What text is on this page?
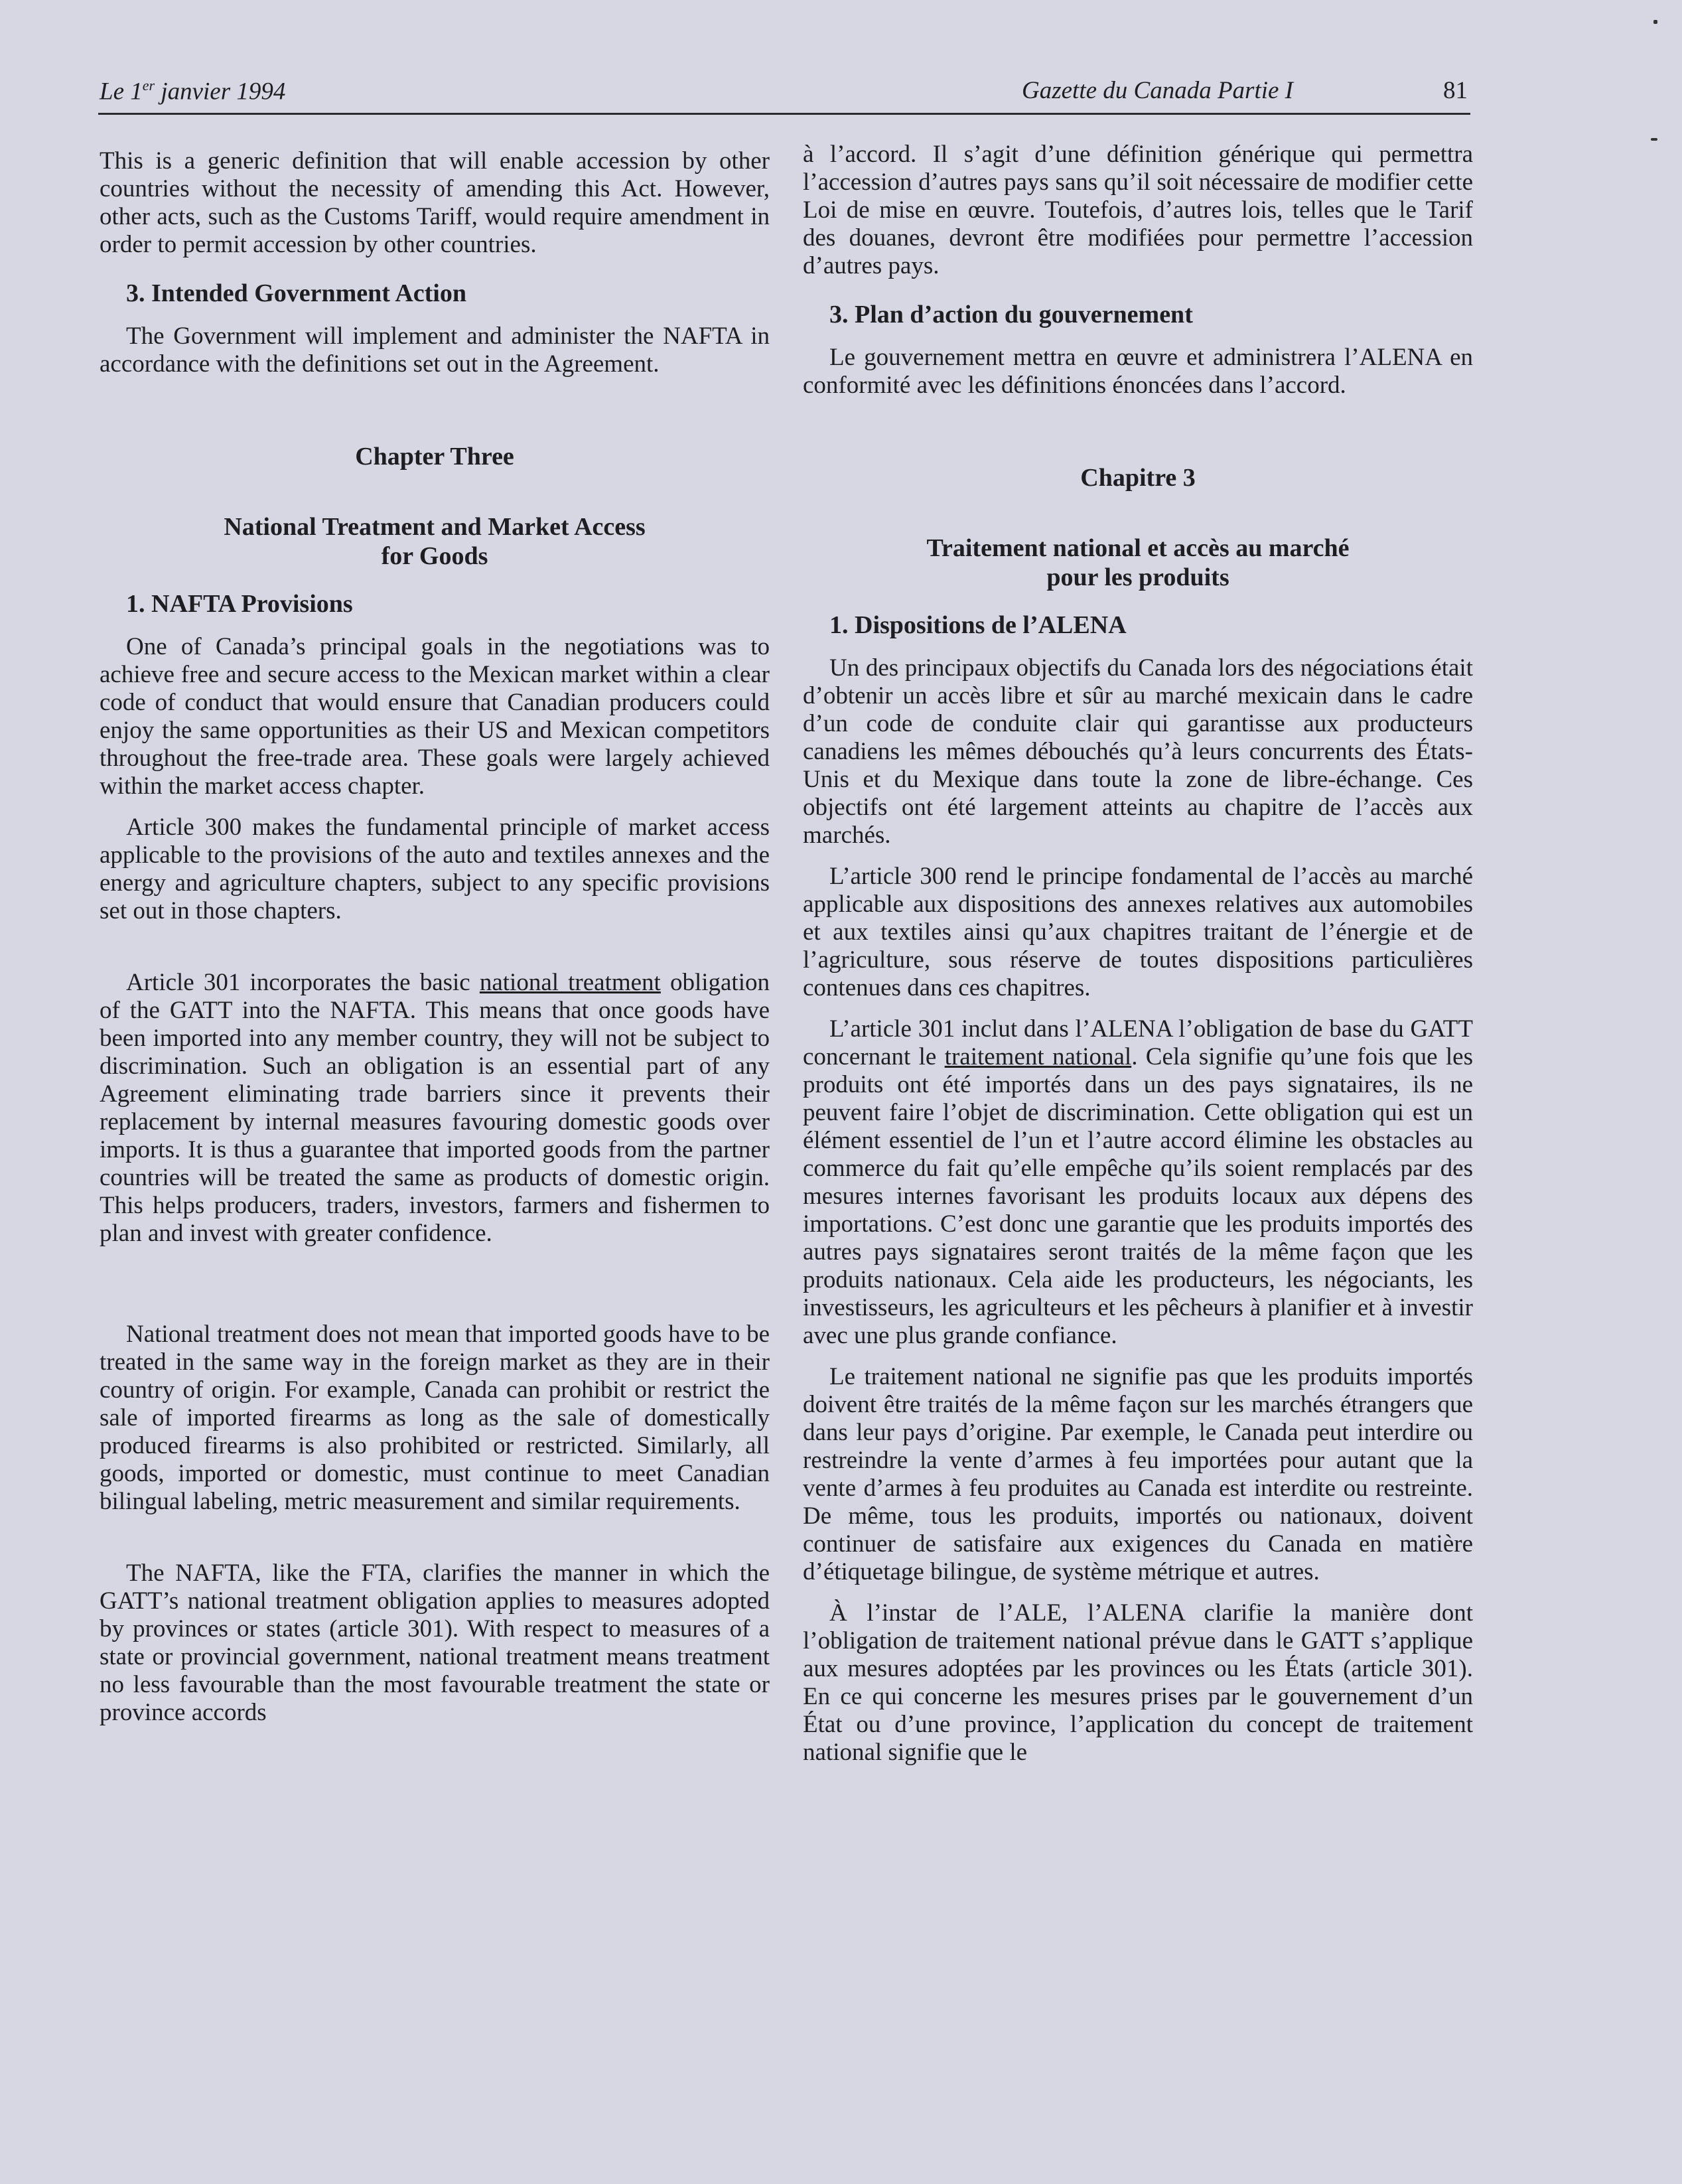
Le 1er janvier 1994	Gazette du Canada Partie I	81

This is a generic definition that will enable accession by other countries without the necessity of amending this Act. However, other acts, such as the Customs Tariff, would require amendment in order to permit accession by other countries.

3. Intended Government Action

The Government will implement and administer the NAFTA in accordance with the definitions set out in the Agreement.

Chapter Three
National Treatment and Market Access
for Goods
1. NAFTA Provisions

One of Canada’s principal goals in the negotiations was to achieve free and secure access to the Mexican market within a clear code of conduct that would ensure that Canadian producers could enjoy the same opportunities as their US and Mexican competitors throughout the free-trade area. These goals were largely achieved within the market access chapter.

Article 300 makes the fundamental principle of market access applicable to the provisions of the auto and textiles annexes and the energy and agriculture chapters, subject to any specific provisions set out in those chapters.

Article 301 incorporates the basic national treatment obligation of the GATT into the NAFTA. This means that once goods have been imported into any member country, they will not be subject to discrimination. Such an obligation is an essential part of any Agreement eliminating trade barriers since it prevents their replacement by internal measures favouring domestic goods over imports. It is thus a guarantee that imported goods from the partner countries will be treated the same as products of domestic origin. This helps producers, traders, investors, farmers and fishermen to plan and invest with greater confidence.

National treatment does not mean that imported goods have to be treated in the same way in the foreign market as they are in their country of origin. For example, Canada can prohibit or restrict the sale of imported firearms as long as the sale of domestically produced firearms is also prohibited or restricted. Similarly, all goods, imported or domestic, must continue to meet Canadian bilingual labeling, metric measurement and similar requirements.

The NAFTA, like the FTA, clarifies the manner in which the GATT’s national treatment obligation applies to measures adopted by provinces or states (article 301). With respect to measures of a state or provincial government, national treatment means treatment no less favourable than the most favourable treatment the state or province accords

à l’accord. Il s’agit d’une définition générique qui permettra l’accession d’autres pays sans qu’il soit nécessaire de modifier cette Loi de mise en œuvre. Toutefois, d’autres lois, telles que le Tarif des douanes, devront être modifiées pour permettre l’accession d’autres pays.

3. Plan d’action du gouvernement

Le gouvernement mettra en œuvre et administrera l’ALENA en conformité avec les définitions énoncées dans l’accord.

Chapitre 3
Traitement national et accès au marché
pour les produits
1. Dispositions de l’ALENA

Un des principaux objectifs du Canada lors des négociations était d’obtenir un accès libre et sûr au marché mexicain dans le cadre d’un code de conduite clair qui garantisse aux producteurs canadiens les mêmes débouchés qu’à leurs concurrents des États-Unis et du Mexique dans toute la zone de libre-échange. Ces objectifs ont été largement atteints au chapitre de l’accès aux marchés.

L’article 300 rend le principe fondamental de l’accès au marché applicable aux dispositions des annexes relatives aux automobiles et aux textiles ainsi qu’aux chapitres traitant de l’énergie et de l’agriculture, sous réserve de toutes dispositions particulières contenues dans ces chapitres.

L’article 301 inclut dans l’ALENA l’obligation de base du GATT concernant le traitement national. Cela signifie qu’une fois que les produits ont été importés dans un des pays signataires, ils ne peuvent faire l’objet de discrimination. Cette obligation qui est un élément essentiel de l’un et l’autre accord élimine les obstacles au commerce du fait qu’elle empêche qu’ils soient remplacés par des mesures internes favorisant les produits locaux aux dépens des importations. C’est donc une garantie que les produits importés des autres pays signataires seront traités de la même façon que les produits nationaux. Cela aide les producteurs, les négociants, les investisseurs, les agriculteurs et les pêcheurs à planifier et à investir avec une plus grande confiance.

Le traitement national ne signifie pas que les produits importés doivent être traités de la même façon sur les marchés étrangers que dans leur pays d’origine. Par exemple, le Canada peut interdire ou restreindre la vente d’armes à feu importées pour autant que la vente d’armes à feu produites au Canada est interdite ou restreinte. De même, tous les produits, importés ou nationaux, doivent continuer de satisfaire aux exigences du Canada en matière d’étiquetage bilingue, de système métrique et autres.

À l’instar de l’ALE, l’ALENA clarifie la manière dont l’obligation de traitement national prévue dans le GATT s’applique aux mesures adoptées par les provinces ou les États (article 301). En ce qui concerne les mesures prises par le gouvernement d’un État ou d’une province, l’application du concept de traitement national signifie que le
